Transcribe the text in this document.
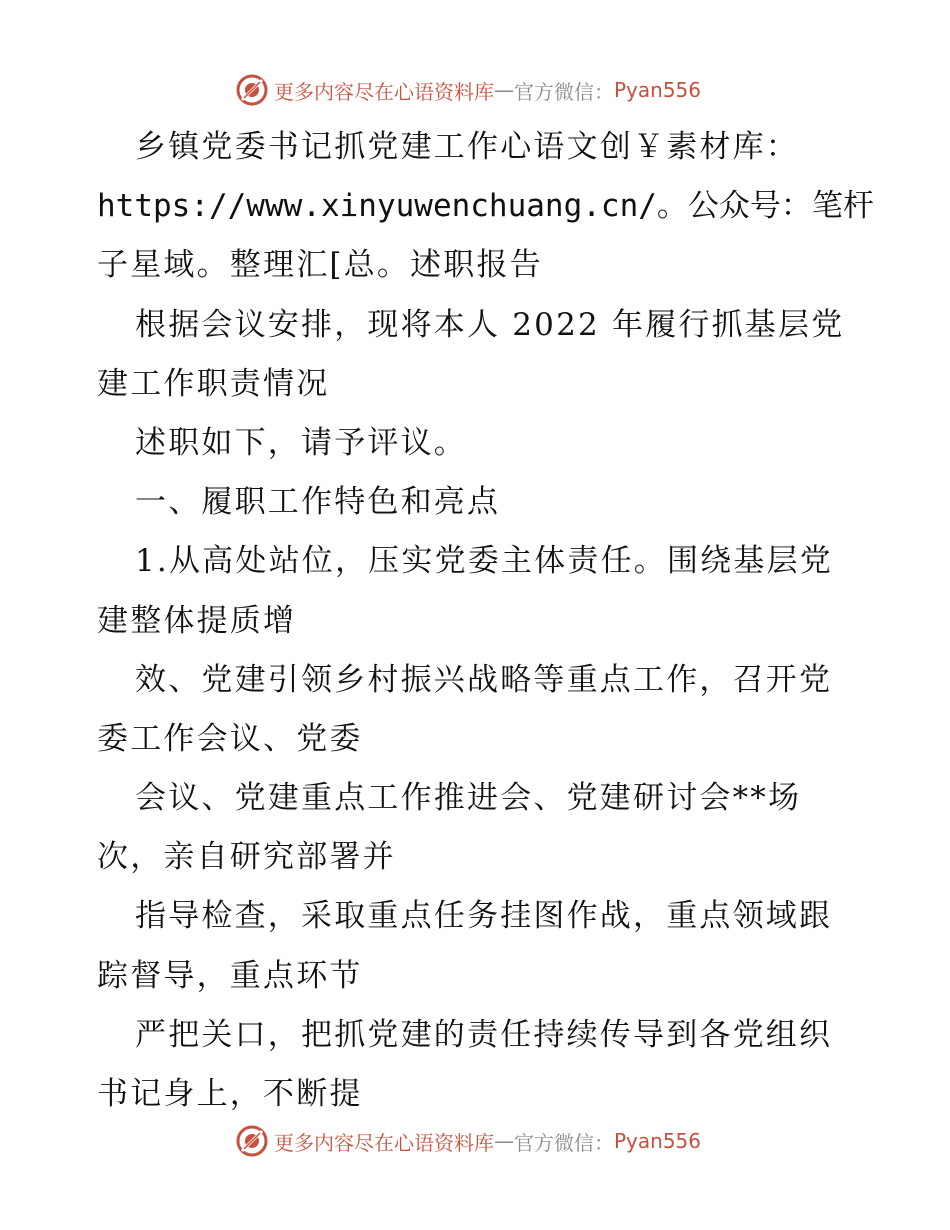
更多内容尽在心语资料库 — 官方微信： Pyan556
乡镇党委书记抓党建工作心语文创￥素材库：
https://www.xinyuwenchuang.cn/。公众号：笔杆
子星域。整理汇[总。述职报告
根据会议安排，现将本人 2022 年履行抓基层党
建工作职责情况
述职如下，请予评议。
一、履职工作特色和亮点
1.从高处站位，压实党委主体责任。围绕基层党
建整体提质增
效、党建引领乡村振兴战略等重点工作，召开党
委工作会议、党委
会议、党建重点工作推进会、党建研讨会**场
次，亲自研究部署并
指导检查，采取重点任务挂图作战，重点领域跟
踪督导，重点环节
严把关口，把抓党建的责任持续传导到各党组织
书记身上，不断提
更多内容尽在心语资料库 — 官方微信： Pyan556
